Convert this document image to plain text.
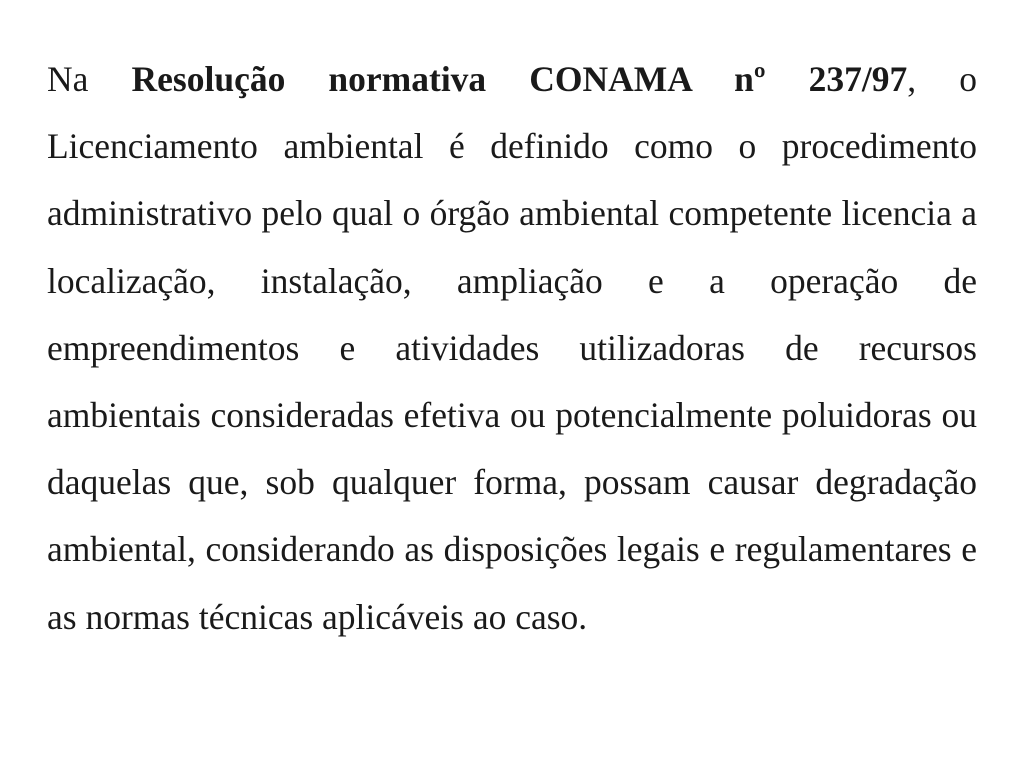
Na Resolução normativa CONAMA nº 237/97, o Licenciamento ambiental é definido como o procedimento administrativo pelo qual o órgão ambiental competente licencia a localização, instalação, ampliação e a operação de empreendimentos e atividades utilizadoras de recursos ambientais consideradas efetiva ou potencialmente poluidoras ou daquelas que, sob qualquer forma, possam causar degradação ambiental, considerando as disposições legais e regulamentares e as normas técnicas aplicáveis ao caso.
